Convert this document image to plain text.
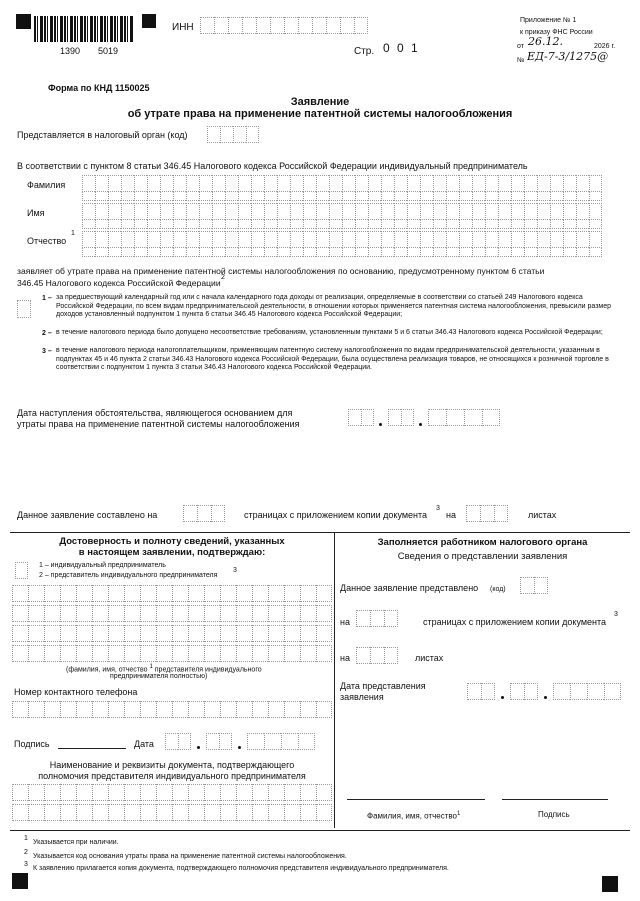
1390 5019
ИНН
Стр. 0 0 1
Приложение № 1
к приказу ФНС России
от 26.12.	2026 г.
№ ЕД-7-3/1275@
Форма по КНД 1150025
Заявление
об утрате права на применение патентной системы налогообложения
Представляется в налоговый орган (код)
В соответствии с пунктом 8 статьи 346.45 Налогового кодекса Российской Федерации индивидуальный предприниматель
Фамилия
Имя
Отчество
1
заявляет об утрате права на применение патентной системы налогообложения по основанию, предусмотренному пунктом 6 статьи
346.45 Налогового кодекса Российской Федерации
2
1 – за предшествующий календарный год или с начала календарного года доходы от реализации, определяемые в соответствии со статьей 249 Налогового кодекса Российской Федерации, по всем видам предпринимательской деятельности, в отношении которых применяется патентная система налогообложения, превысили размер доходов установленный подпунктом 1 пункта 6 статьи 346.45 Налогового кодекса Российской Федерации;
2 – в течение налогового периода было допущено несоответствие требованиям, установленным пунктами 5 и 6 статьи 346.43 Налогового кодекса Российской Федерации;
3 – в течение налогового периода налогоплательщиком, применяющим патентную систему налогообложения по видам предпринимательской деятельности, указанным в подпунктах 45 и 46 пункта 2 статьи 346.43 Налогового кодекса Российской Федерации, была осуществлена реализация товаров, не относящихся к розничной торговле в соответствии с подпунктом 1 пункта 3 статьи 346.43 Налогового кодекса Российской Федерации.
Дата наступления обстоятельства, являющегося основанием для
утраты права на применение патентной системы налогообложения
Данное заявление составлено на	страницах с приложением копии документа
3
на	листах
Достоверность и полноту сведений, указанных
в настоящем заявлении, подтверждаю:
1 – индивидуальный предприниматель
2 – представитель индивидуального предпринимателя
3
(фамилия, имя, отчество $^1$ представителя индивидуального
предпринимателя полностью)
Номер контактного телефона
Подпись	Дата
Наименование и реквизиты документа, подтверждающего
полномочия представителя индивидуального предпринимателя
Заполняется работником налогового органа
Сведения о представлении заявления
Данное заявление представлено (код)
на	страницах с приложением копии документа
3
на	листах
Дата представления
заявления
Фамилия, имя, отчество$^1$	Подпись
1
Указывается при наличии.
2
Указывается код основания утраты права на применение патентной системы налогообложения.
3
К заявлению прилагается копия документа, подтверждающего полномочия представителя индивидуального предпринимателя.
